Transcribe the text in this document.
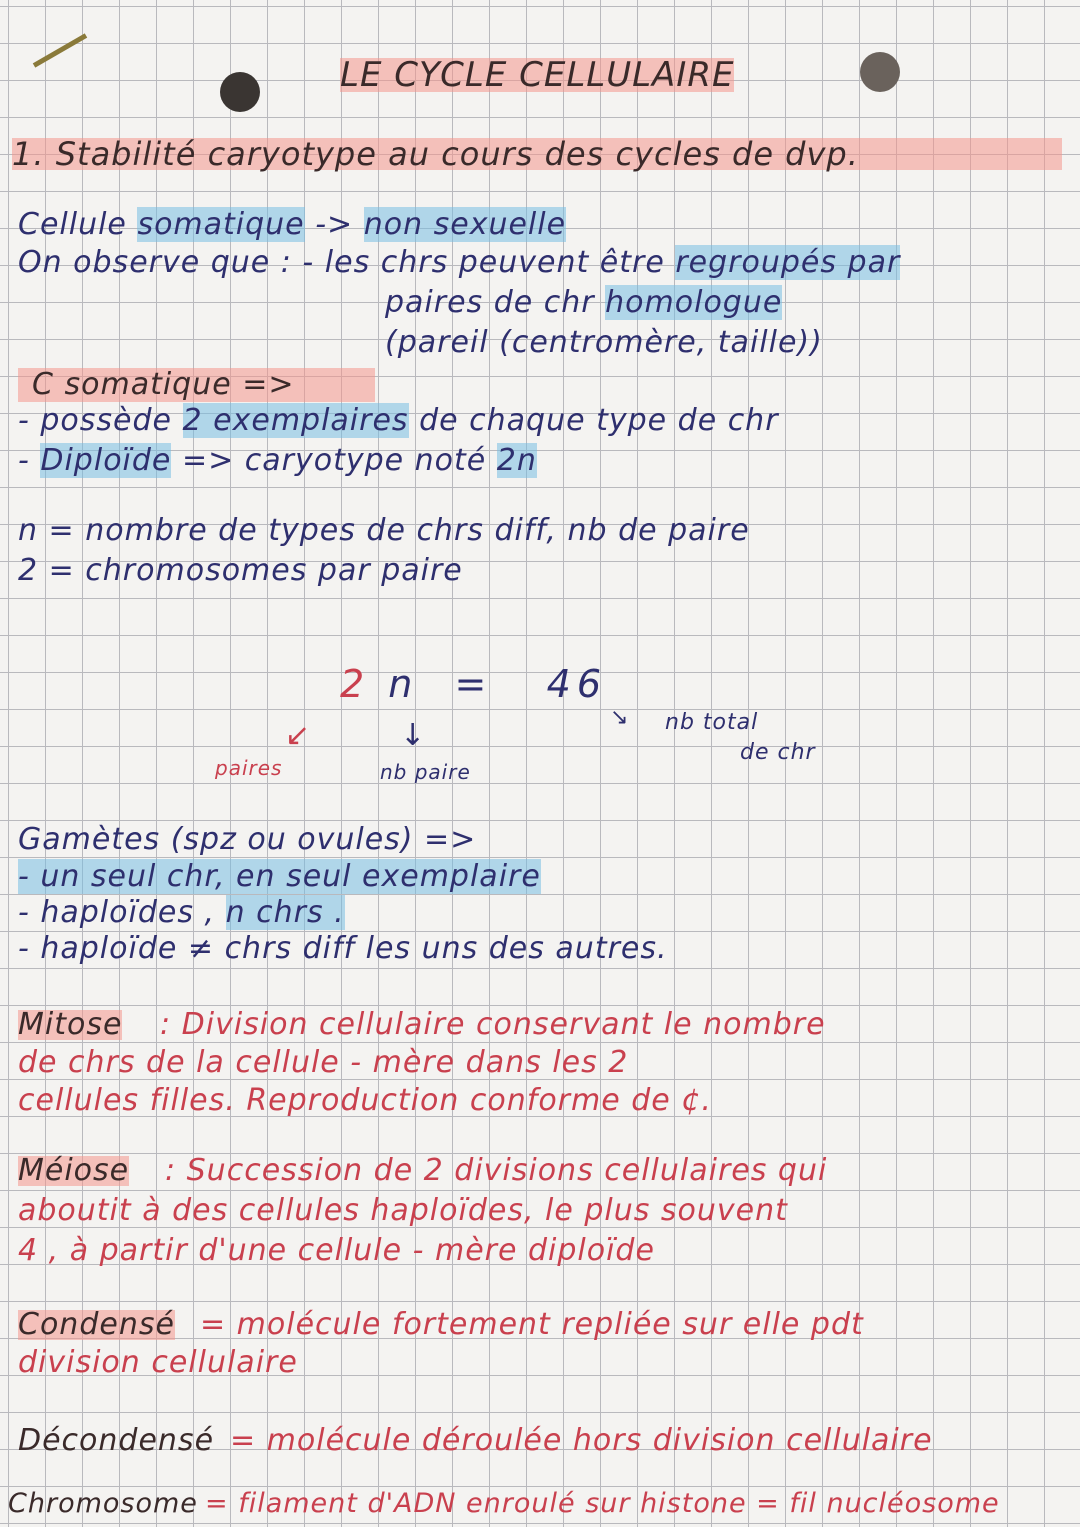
LE CYCLE CELLULAIRE
1. Stabilité caryotype au cours des cycles de dvp.
Cellule somatique -> non sexuelle
On observe que : - les chrs peuvent être regroupés par
paires de chr homologue
(pareil (centromère, taille))
C somatique =>
- possède 2 exemplaires de chaque type de chr
- Diploïde => caryotype noté 2n
n = nombre de types de chrs diff, nb de paire
2 = chromosomes par paire
2 n = 46
↙	↓
↘
paires	nb paire
nb total
de chr
Gamètes (spz ou ovules) =>
- un seul chr, en seul exemplaire
- haploïdes , n chrs .
- haploïde ≠ chrs diff les uns des autres.
Mitose : Division cellulaire conservant le nombre
de chrs de la cellule - mère dans les 2
cellules filles. Reproduction conforme de ¢.
Méiose : Succession de 2 divisions cellulaires qui
aboutit à des cellules haploïdes, le plus souvent
4 , à partir d'une cellule - mère diploïde
Condensé = molécule fortement repliée sur elle pdt
division cellulaire
Décondensé = molécule déroulée hors division cellulaire
Chromosome = filament d'ADN enroulé sur histone = fil nucléosome
